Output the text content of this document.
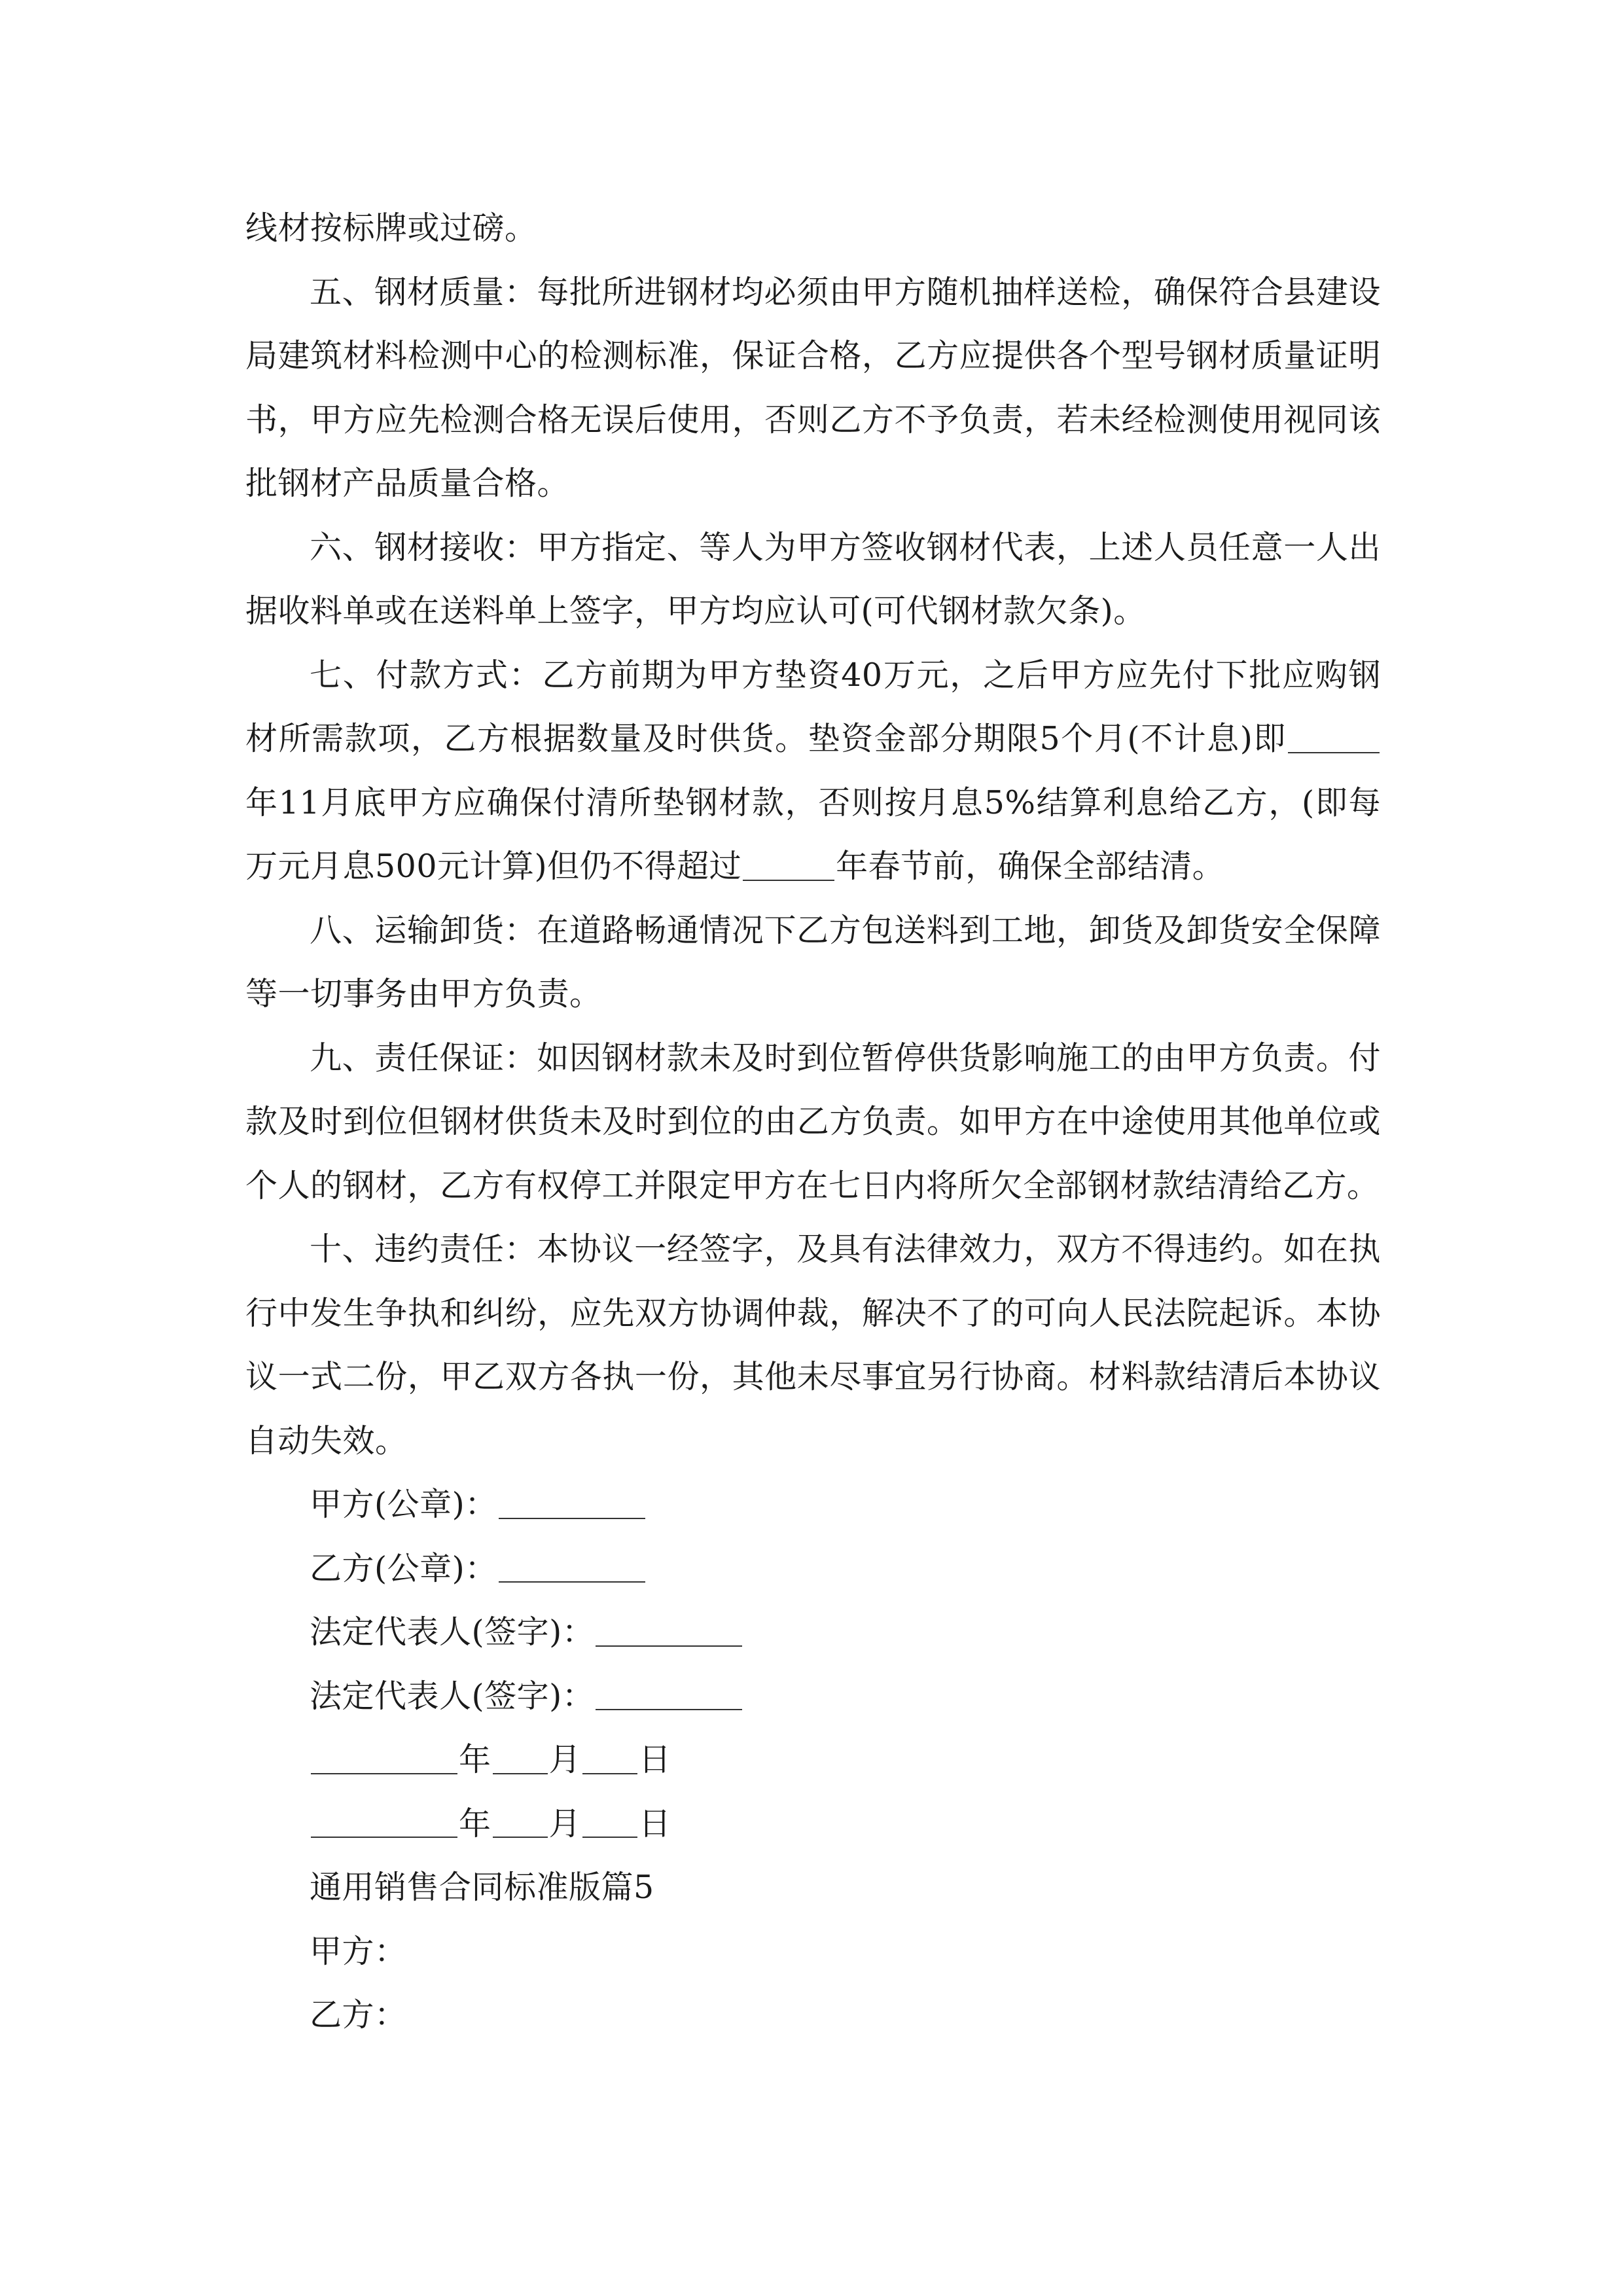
线材按标牌或过磅。

五、钢材质量：每批所进钢材均必须由甲方随机抽样送检，确保符合县建设局建筑材料检测中心的检测标准，保证合格，乙方应提供各个型号钢材质量证明书，甲方应先检测合格无误后使用，否则乙方不予负责，若未经检测使用视同该批钢材产品质量合格。

六、钢材接收：甲方指定、等人为甲方签收钢材代表，上述人员任意一人出据收料单或在送料单上签字，甲方均应认可(可代钢材款欠条)。

七、付款方式：乙方前期为甲方垫资40万元，之后甲方应先付下批应购钢材所需款项，乙方根据数量及时供货。垫资金部分期限5个月(不计息)即年11月底甲方应确保付清所垫钢材款，否则按月息5%结算利息给乙方，(即每万元月息500元计算)但仍不得超过	年春节前，确保全部结清。

八、运输卸货：在道路畅通情况下乙方包送料到工地，卸货及卸货安全保障等一切事务由甲方负责。

九、责任保证：如因钢材款未及时到位暂停供货影响施工的由甲方负责。付款及时到位但钢材供货未及时到位的由乙方负责。如甲方在中途使用其他单位或个人的钢材，乙方有权停工并限定甲方在七日内将所欠全部钢材款结清给乙方。

十、违约责任：本协议一经签字，及具有法律效力，双方不得违约。如在执行中发生争执和纠纷，应先双方协调仲裁，解决不了的可向人民法院起诉。本协议一式二份，甲乙双方各执一份，其他未尽事宜另行协商。材料款结清后本协议自动失效。

甲方(公章)：
乙方(公章)：
法定代表人(签字)：
法定代表人(签字)：
年 月 日
年 月 日
通用销售合同标准版篇5
甲方：
乙方：
